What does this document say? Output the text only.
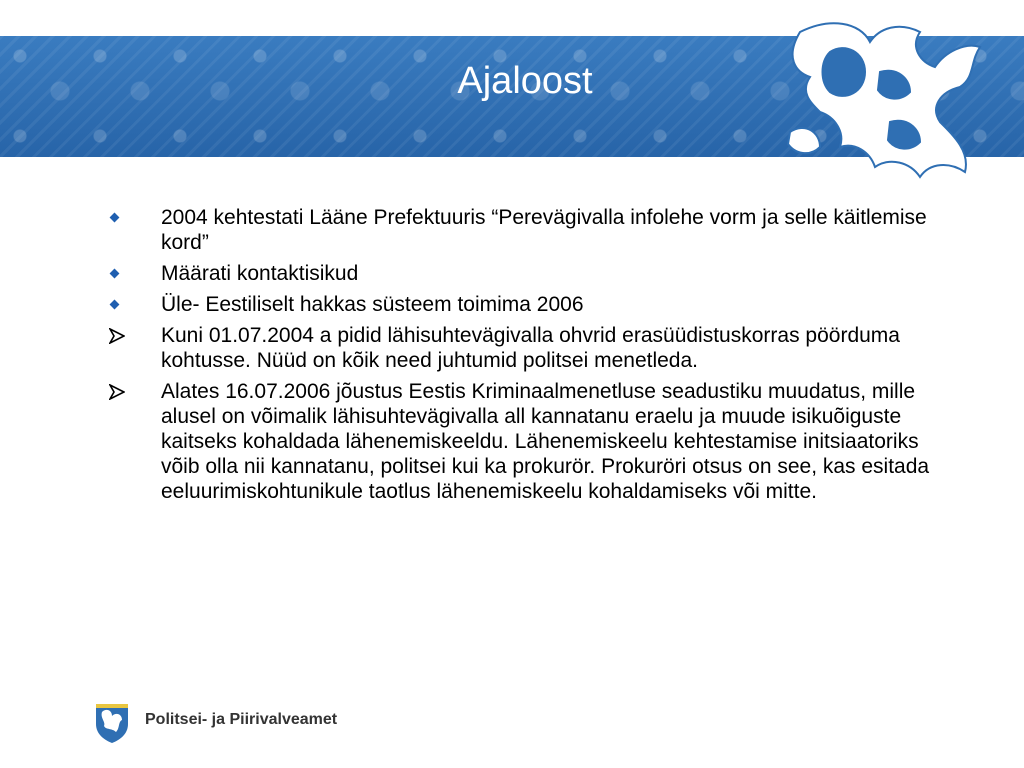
Ajaloost
2004 kehtestati Lääne Prefektuuris “Perevägivalla infolehe vorm ja selle käitlemise kord”
Määrati kontaktisikud
Üle- Eestiliselt hakkas süsteem toimima 2006
Kuni 01.07.2004 a pidid lähisuhtevägivalla ohvrid erasüüdistuskorras pöörduma kohtusse. Nüüd on kõik need juhtumid politsei menetleda.
Alates 16.07.2006 jõustus Eestis Kriminaalmenetluse seadustiku muudatus, mille alusel on võimalik lähisuhtevägivalla all kannatanu eraelu ja muude isikuõiguste kaitseks kohaldada lähenemiskeeldu. Lähenemiskeelu kehtestamise initsiaatoriks võib olla nii kannatanu, politsei kui ka prokurör. Prokuröri otsus on see, kas esitada eeluurimiskohtunikule taotlus lähenemiskeelu kohaldamiseks või mitte.
Politsei- ja Piirivalveamet
